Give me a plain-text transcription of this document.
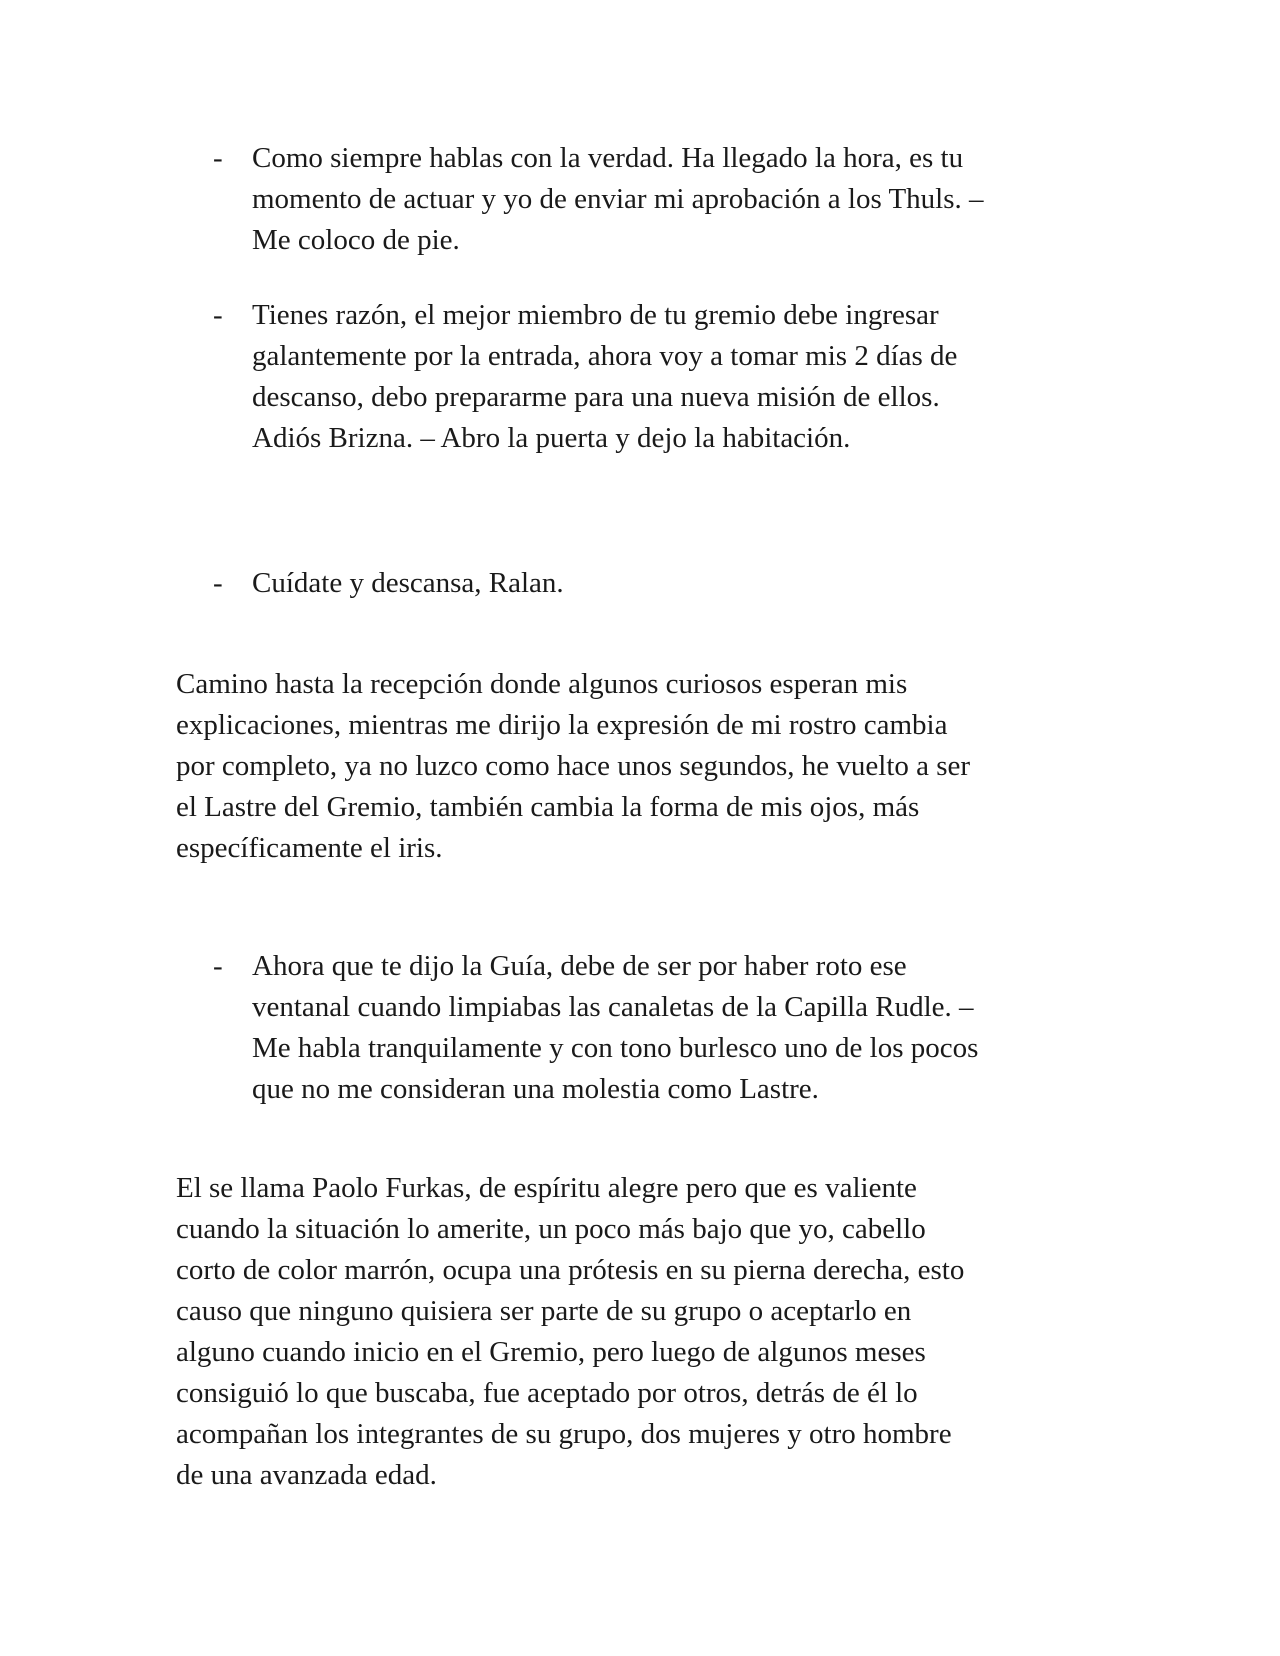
- Como siempre hablas con la verdad. Ha llegado la hora, es tu
momento de actuar y yo de enviar mi aprobación a los Thuls. –
Me coloco de pie.
- Tienes razón, el mejor miembro de tu gremio debe ingresar
galantemente por la entrada, ahora voy a tomar mis 2 días de
descanso, debo prepararme para una nueva misión de ellos.
Adiós Brizna. – Abro la puerta y dejo la habitación.
- Cuídate y descansa, Ralan.

Camino hasta la recepción donde algunos curiosos esperan mis
explicaciones, mientras me dirijo la expresión de mi rostro cambia
por completo, ya no luzco como hace unos segundos, he vuelto a ser
el Lastre del Gremio, también cambia la forma de mis ojos, más
específicamente el iris.

- Ahora que te dijo la Guía, debe de ser por haber roto ese
ventanal cuando limpiabas las canaletas de la Capilla Rudle. –
Me habla tranquilamente y con tono burlesco uno de los pocos
que no me consideran una molestia como Lastre.

El se llama Paolo Furkas, de espíritu alegre pero que es valiente
cuando la situación lo amerite, un poco más bajo que yo, cabello
corto de color marrón, ocupa una prótesis en su pierna derecha, esto
causo que ninguno quisiera ser parte de su grupo o aceptarlo en
alguno cuando inicio en el Gremio, pero luego de algunos meses
consiguió lo que buscaba, fue aceptado por otros, detrás de él lo
acompañan los integrantes de su grupo, dos mujeres y otro hombre
de una avanzada edad.
